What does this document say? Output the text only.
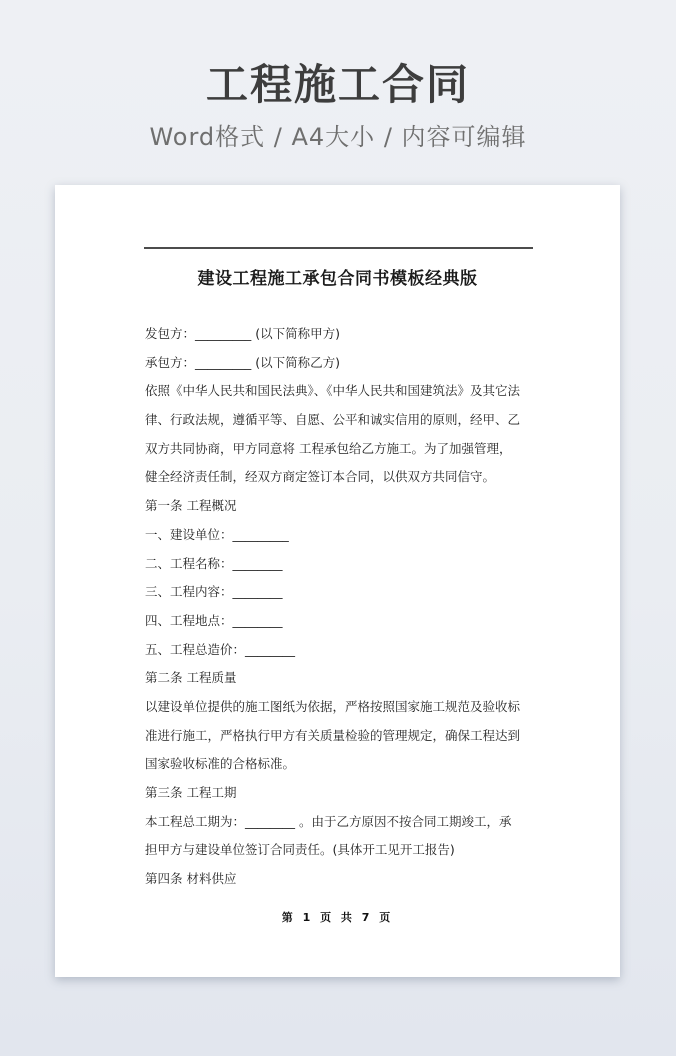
工程施工合同
Word格式 / A4大小 / 内容可编辑
建设工程施工承包合同书模板经典版
发包方：_________ (以下简称甲方)
承包方：_________ (以下简称乙方)
依照《中华人民共和国民法典》、《中华人民共和国建筑法》及其它法
律、行政法规，遵循平等、自愿、公平和诚实信用的原则，经甲、乙
双方共同协商，甲方同意将 工程承包给乙方施工。为了加强管理，
健全经济责任制，经双方商定签订本合同，以供双方共同信守。
第一条 工程概况
一、建设单位：_________
二、工程名称：________
三、工程内容：________
四、工程地点：________
五、工程总造价：________
第二条 工程质量
以建设单位提供的施工图纸为依据，严格按照国家施工规范及验收标
准进行施工，严格执行甲方有关质量检验的管理规定，确保工程达到
国家验收标准的合格标准。
第三条 工程工期
本工程总工期为：________ 。由于乙方原因不按合同工期竣工，承
担甲方与建设单位签订合同责任。(具体开工见开工报告)
第四条 材料供应
第 1 页 共 7 页
